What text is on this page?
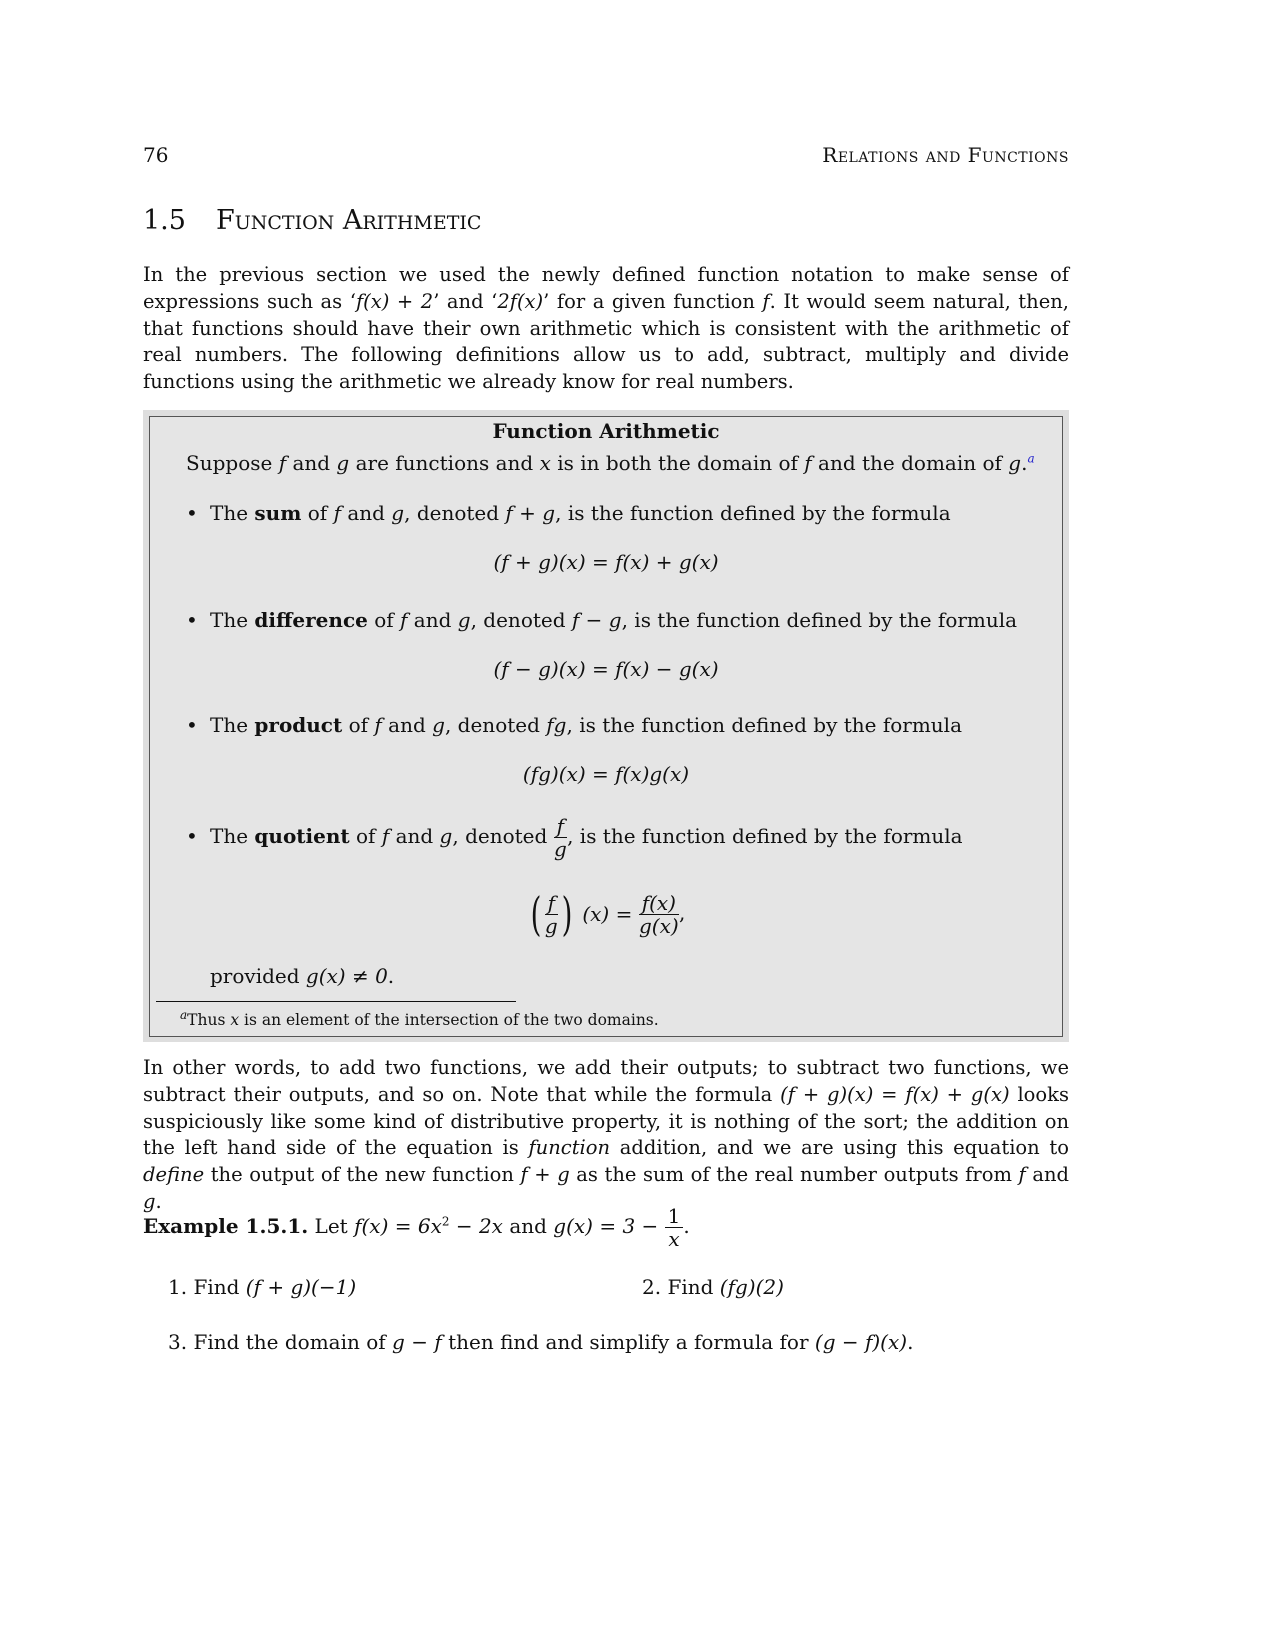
76	Relations and Functions
1.5 Function Arithmetic

In the previous section we used the newly defined function notation to make sense of expressions such as ‘f(x) + 2’ and ‘2f(x)’ for a given function f. It would seem natural, then, that functions should have their own arithmetic which is consistent with the arithmetic of real numbers. The following definitions allow us to add, subtract, multiply and divide functions using the arithmetic we already know for real numbers.

Function Arithmetic
Suppose f and g are functions and x is in both the domain of f and the domain of g.$^a$
• The sum of f and g, denoted f + g, is the function defined by the formula
(f + g)(x) = f(x) + g(x)
• The difference of f and g, denoted f − g, is the function defined by the formula
(f − g)(x) = f(x) − g(x)
• The product of f and g, denoted fg, is the function defined by the formula
(fg)(x) = f(x)g(x)
• The quotient of f and g, denoted $\frac{f}{g}$ , is the function defined by the formula
( $\frac{f}{g}$ ) $(x) = \frac{f(x)}{g(x)}$ ,
provided g(x) ≠ 0.
$^a$Thus x is an element of the intersection of the two domains.

In other words, to add two functions, we add their outputs; to subtract two functions, we subtract their outputs, and so on. Note that while the formula (f + g)(x) = f(x) + g(x) looks suspiciously like some kind of distributive property, it is nothing of the sort; the addition on the left hand side of the equation is function addition, and we are using this equation to define the output of the new function f + g as the sum of the real number outputs from f and g.

Example 1.5.1. Let $f(x) = 6x^2 - 2x$ and $g(x) = 3 - \frac{1}{x}$ .
1. Find (f + g)(−1)	2. Find (fg)(2)
3. Find the domain of g − f then find and simplify a formula for (g − f)(x).
